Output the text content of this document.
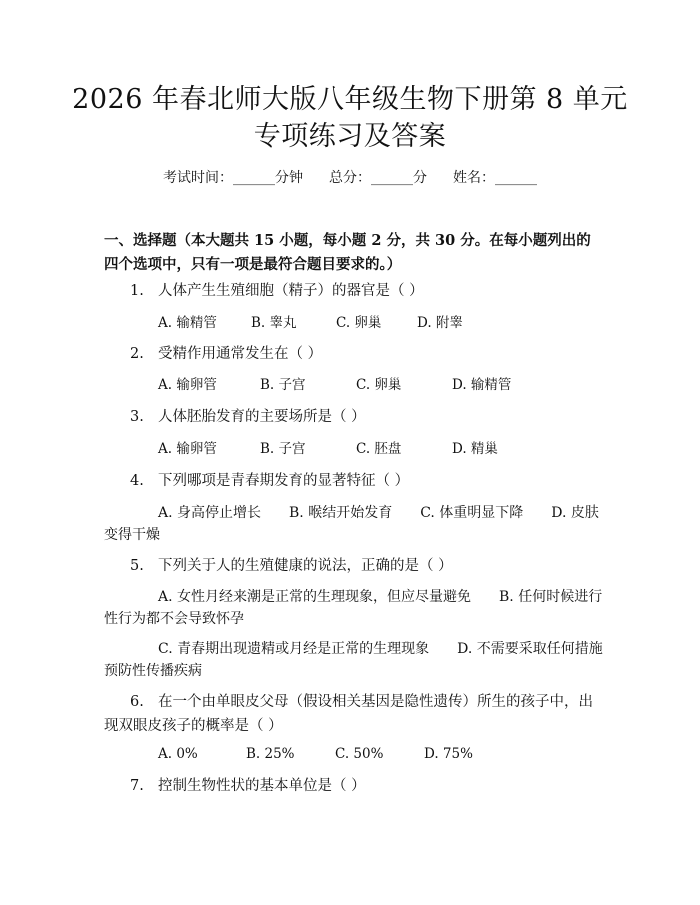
2026 年春北师大版八年级生物下册第 8 单元
专项练习及答案
考试时间：______分钟 总分：______分 姓名：______
一、选择题（本大题共 15 小题，每小题 2 分，共 30 分。在每小题列出的四个选项中，只有一项是最符合题目要求的。）
1. 人体产生生殖细胞（精子）的器官是（ ）
A. 输精管	B. 睾丸	C. 卵巢	D. 附睾
2. 受精作用通常发生在（ ）
A. 输卵管	B. 子宫	C. 卵巢	D. 输精管
3. 人体胚胎发育的主要场所是（ ）
A. 输卵管	B. 子宫	C. 胚盘	D. 精巢
4. 下列哪项是青春期发育的显著特征（ ）
A. 身高停止增长　　B. 喉结开始发育　　C. 体重明显下降　　D. 皮肤变得干燥
5. 下列关于人的生殖健康的说法，正确的是（ ）
A. 女性月经来潮是正常的生理现象，但应尽量避免　　B. 任何时候进行性行为都不会导致怀孕
C. 青春期出现遗精或月经是正常的生理现象　　D. 不需要采取任何措施预防性传播疾病
6. 在一个由单眼皮父母（假设相关基因是隐性遗传）所生的孩子中，出现双眼皮孩子的概率是（ ）
A. 0%	B. 25%	C. 50%	D. 75%
7. 控制生物性状的基本单位是（ ）
